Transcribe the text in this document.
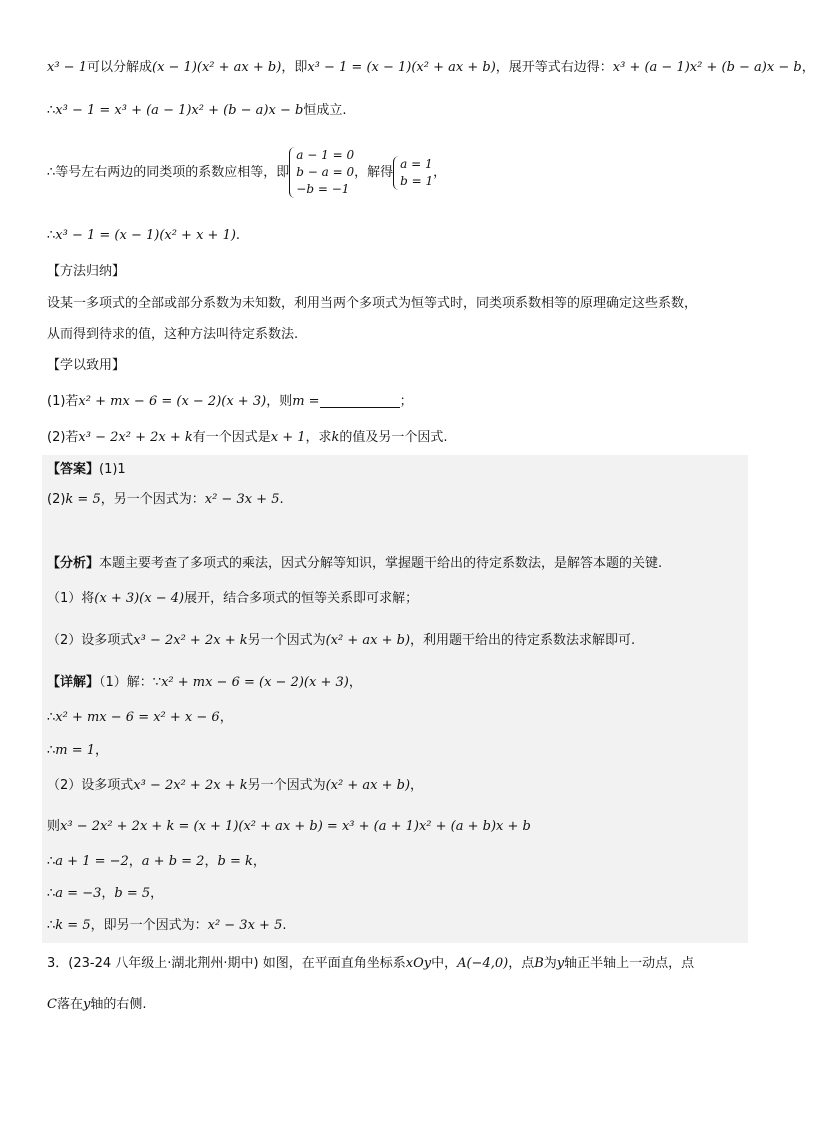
x³ − 1可以分解成(x − 1)(x² + ax + b)，即x³ − 1 = (x − 1)(x² + ax + b)，展开等式右边得：x³ + (a − 1)x² + (b − a)x − b，
∴x³ − 1 = x³ + (a − 1)x² + (b − a)x − b恒成立.
∴等号左右两边的同类项的系数应相等，即
a − 1 = 0
b − a = 0
−b = −1
，解得
a = 1
b = 1
，
∴x³ − 1 = (x − 1)(x² + x + 1).
【方法归纳】
设某一多项式的全部或部分系数为未知数，利用当两个多项式为恒等式时，同类项系数相等的原理确定这些系数，
从而得到待求的值，这种方法叫待定系数法.
【学以致用】
(1)若x² + mx − 6 = (x − 2)(x + 3)，则m =	；
(2)若x³ − 2x² + 2x + k有一个因式是x + 1，求k的值及另一个因式.
【答案】(1)1
(2)k = 5，另一个因式为：x² − 3x + 5.
【分析】本题主要考查了多项式的乘法，因式分解等知识，掌握题干给出的待定系数法，是解答本题的关键.
（1）将(x + 3)(x − 4)展开，结合多项式的恒等关系即可求解；
（2）设多项式x³ − 2x² + 2x + k另一个因式为(x² + ax + b)，利用题干给出的待定系数法求解即可.
【详解】（1）解：∵x² + mx − 6 = (x − 2)(x + 3)，
∴x² + mx − 6 = x² + x − 6，
∴m = 1，
（2）设多项式x³ − 2x² + 2x + k另一个因式为(x² + ax + b)，
则x³ − 2x² + 2x + k = (x + 1)(x² + ax + b) = x³ + (a + 1)x² + (a + b)x + b
∴a + 1 = −2，a + b = 2，b = k，
∴a = −3，b = 5，
∴k = 5，即另一个因式为：x² − 3x + 5.
3．(23-24 八年级上·湖北荆州·期中) 如图，在平面直角坐标系xOy中，A(−4,0)，点B为y轴正半轴上一动点，点
C落在y轴的右侧.
